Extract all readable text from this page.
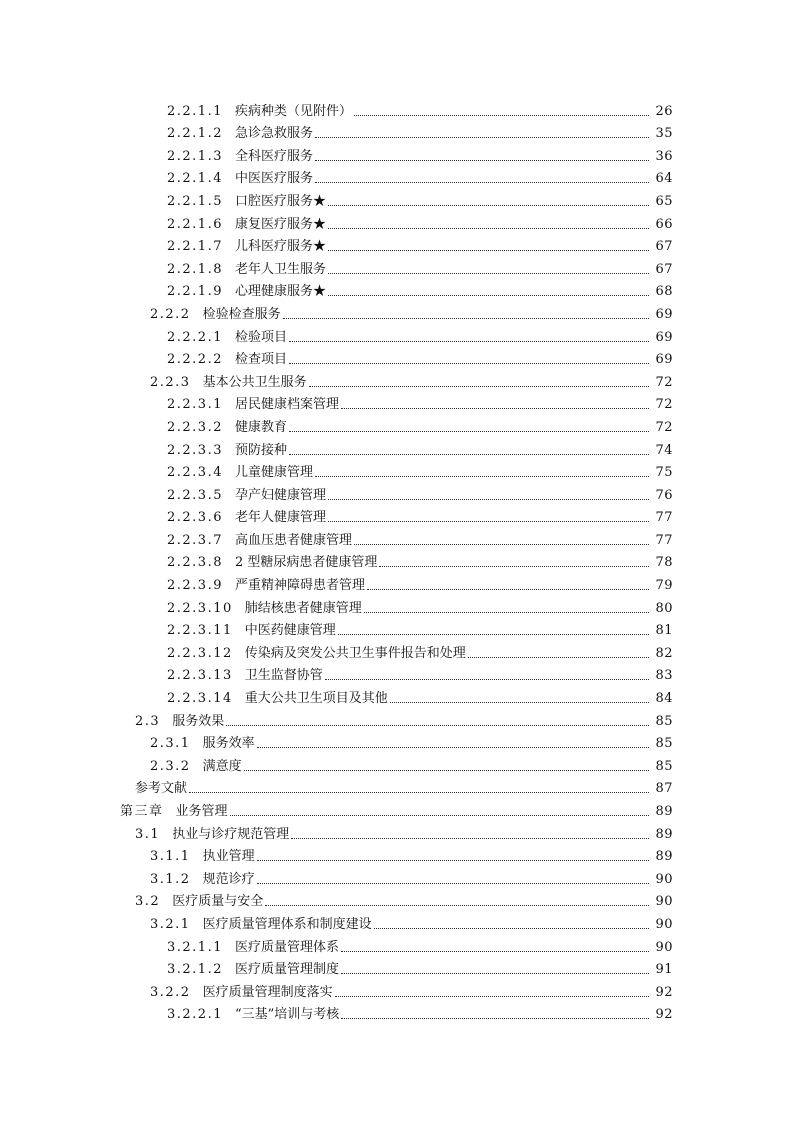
2.2.1.1 疾病种类（见附件）	26
2.2.1.2 急诊急救服务	35
2.2.1.3 全科医疗服务	36
2.2.1.4 中医医疗服务	64
2.2.1.5 口腔医疗服务★	65
2.2.1.6 康复医疗服务★	66
2.2.1.7 儿科医疗服务★	67
2.2.1.8 老年人卫生服务	67
2.2.1.9 心理健康服务★	68
2.2.2 检验检查服务	69
2.2.2.1 检验项目	69
2.2.2.2 检查项目	69
2.2.3 基本公共卫生服务	72
2.2.3.1 居民健康档案管理	72
2.2.3.2 健康教育	72
2.2.3.3 预防接种	74
2.2.3.4 儿童健康管理	75
2.2.3.5 孕产妇健康管理	76
2.2.3.6 老年人健康管理	77
2.2.3.7 高血压患者健康管理	77
2.2.3.8 2 型糖尿病患者健康管理	78
2.2.3.9 严重精神障碍患者管理	79
2.2.3.10 肺结核患者健康管理	80
2.2.3.11 中医药健康管理	81
2.2.3.12 传染病及突发公共卫生事件报告和处理	82
2.2.3.13 卫生监督协管	83
2.2.3.14 重大公共卫生项目及其他	84
2.3 服务效果	85
2.3.1 服务效率	85
2.3.2 满意度	85
参考文献	87
第三章 业务管理	89
3.1 执业与诊疗规范管理	89
3.1.1 执业管理	89
3.1.2 规范诊疗	90
3.2 医疗质量与安全	90
3.2.1 医疗质量管理体系和制度建设	90
3.2.1.1 医疗质量管理体系	90
3.2.1.2 医疗质量管理制度	91
3.2.2 医疗质量管理制度落实	92
3.2.2.1 “三基”培训与考核	92
